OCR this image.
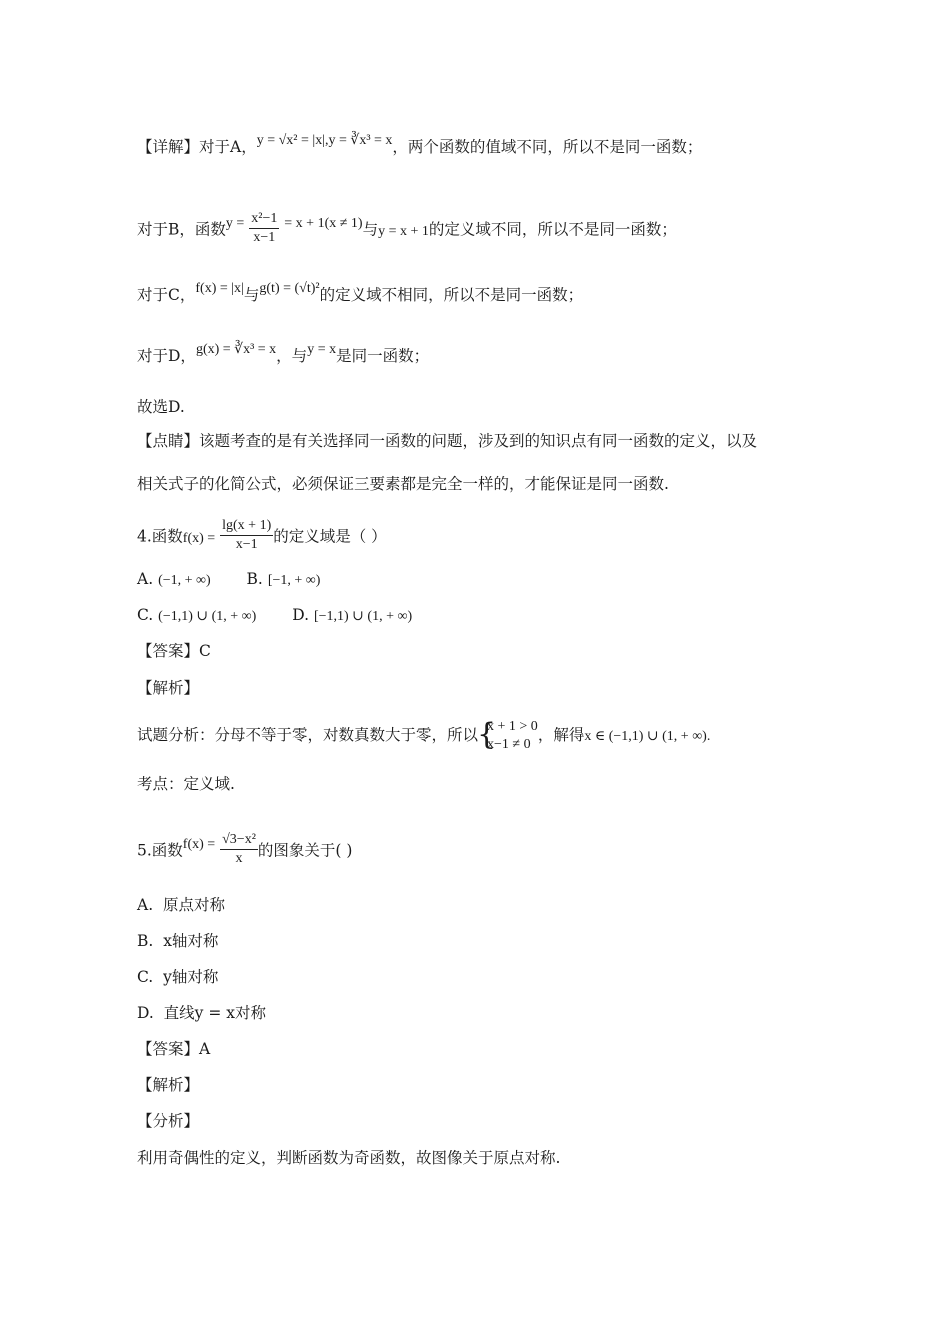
【详解】对于A，y = √x² = |x|,y = ∛x³ = x，两个函数的值域不同，所以不是同一函数；
对于B，函数$y = \frac{\text{x²−1}}{x-1} = x + 1(x \ne 1)$与y = x + 1的定义域不同，所以不是同一函数；
对于C，f(x) = |x|与g(t) = (√t)²的定义域不相同，所以不是同一函数；
对于D，g(x) = ∛x³ = x，与y = x是同一函数；
故选D.
【点睛】该题考查的是有关选择同一函数的问题，涉及到的知识点有同一函数的定义，以及
相关式子的化简公式，必须保证三要素都是完全一样的，才能保证是同一函数.
4.函数$f(x) = \frac{\lg(x + 1)}{x-1}$ 的定义域是（ ）
A. (−1, + ∞) B. [−1, + ∞)
C. (−1,1) ∪ (1, + ∞) D. [−1,1) ∪ (1, + ∞)
【答案】C
【解析】
试题分析：分母不等于零，对数真数大于零，所以
{ x + 1 > 0
x−1 ≠ 0
，解得x ∈ (−1,1) ∪ (1, + ∞).
考点：定义域.
5.函数$f(x) = \frac{\text{√3−x²}}{x}$ 的图象关于( )
A. 原点对称
B. x轴对称
C. y轴对称
D. 直线y = x对称
【答案】A
【解析】
【分析】
利用奇偶性的定义，判断函数为奇函数，故图像关于原点对称.
